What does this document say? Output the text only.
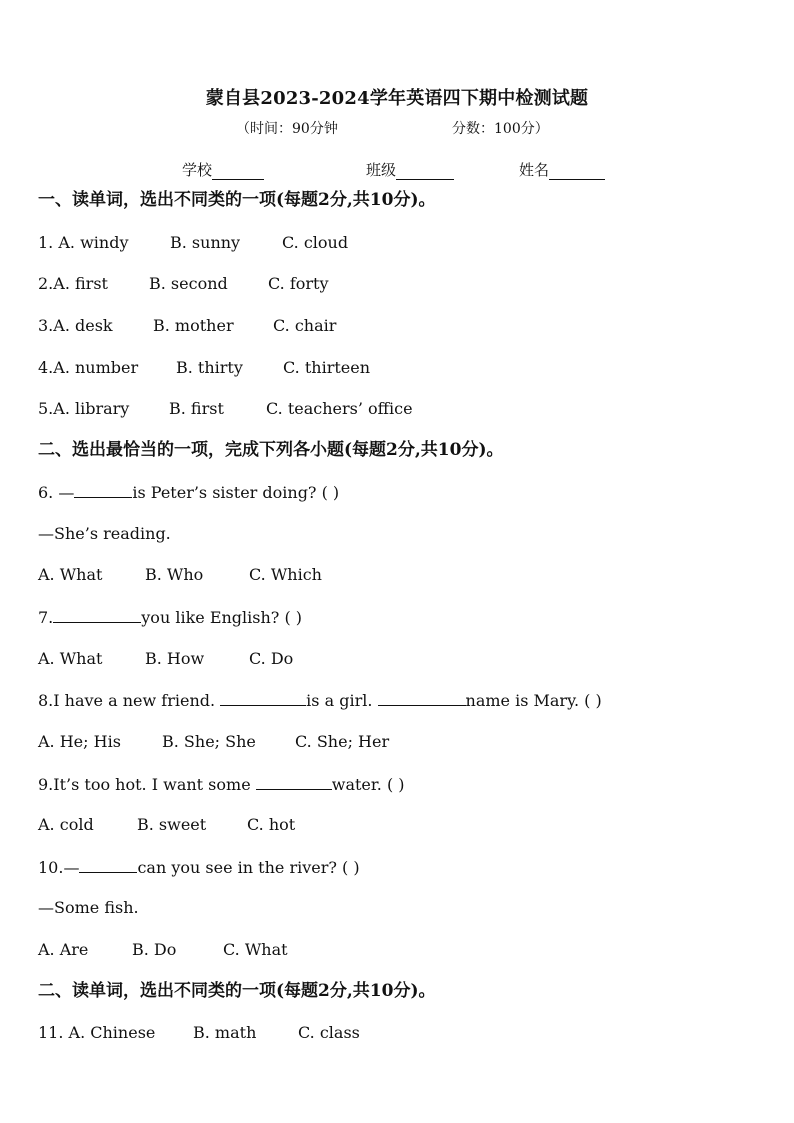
蒙自县2023-2024学年英语四下期中检测试题
（时间：90分钟	分数：100分）
学校	班级	姓名
一、读单词，选出不同类的一项(每题2分,共10分)。
1. A. windy	B. sunny	C. cloud
2.A. first	B. second	C. forty
3.A. desk	B. mother C. chair
4.A. number B. thirty	C. thirteen
5.A. library B. first	C. teachers’ office
二、选出最恰当的一项，完成下列各小题(每题2分,共10分)。
6. —	is Peter’s sister doing? ( )
—She’s reading.
A. What	B. Who	C. Which
7.	you like English? ( )
A. What	B. How	C. Do
8.I have a new friend.	is a girl.	name is Mary. ( )
A. He; His	B. She; She C. She; Her
9.It’s too hot. I want some	water. ( )
A. cold	B. sweet	C. hot
10.—	can you see in the river? ( )
—Some fish.
A. Are	B. Do	C. What
二、读单词，选出不同类的一项(每题2分,共10分)。
11. A. Chinese B. math	C. class
